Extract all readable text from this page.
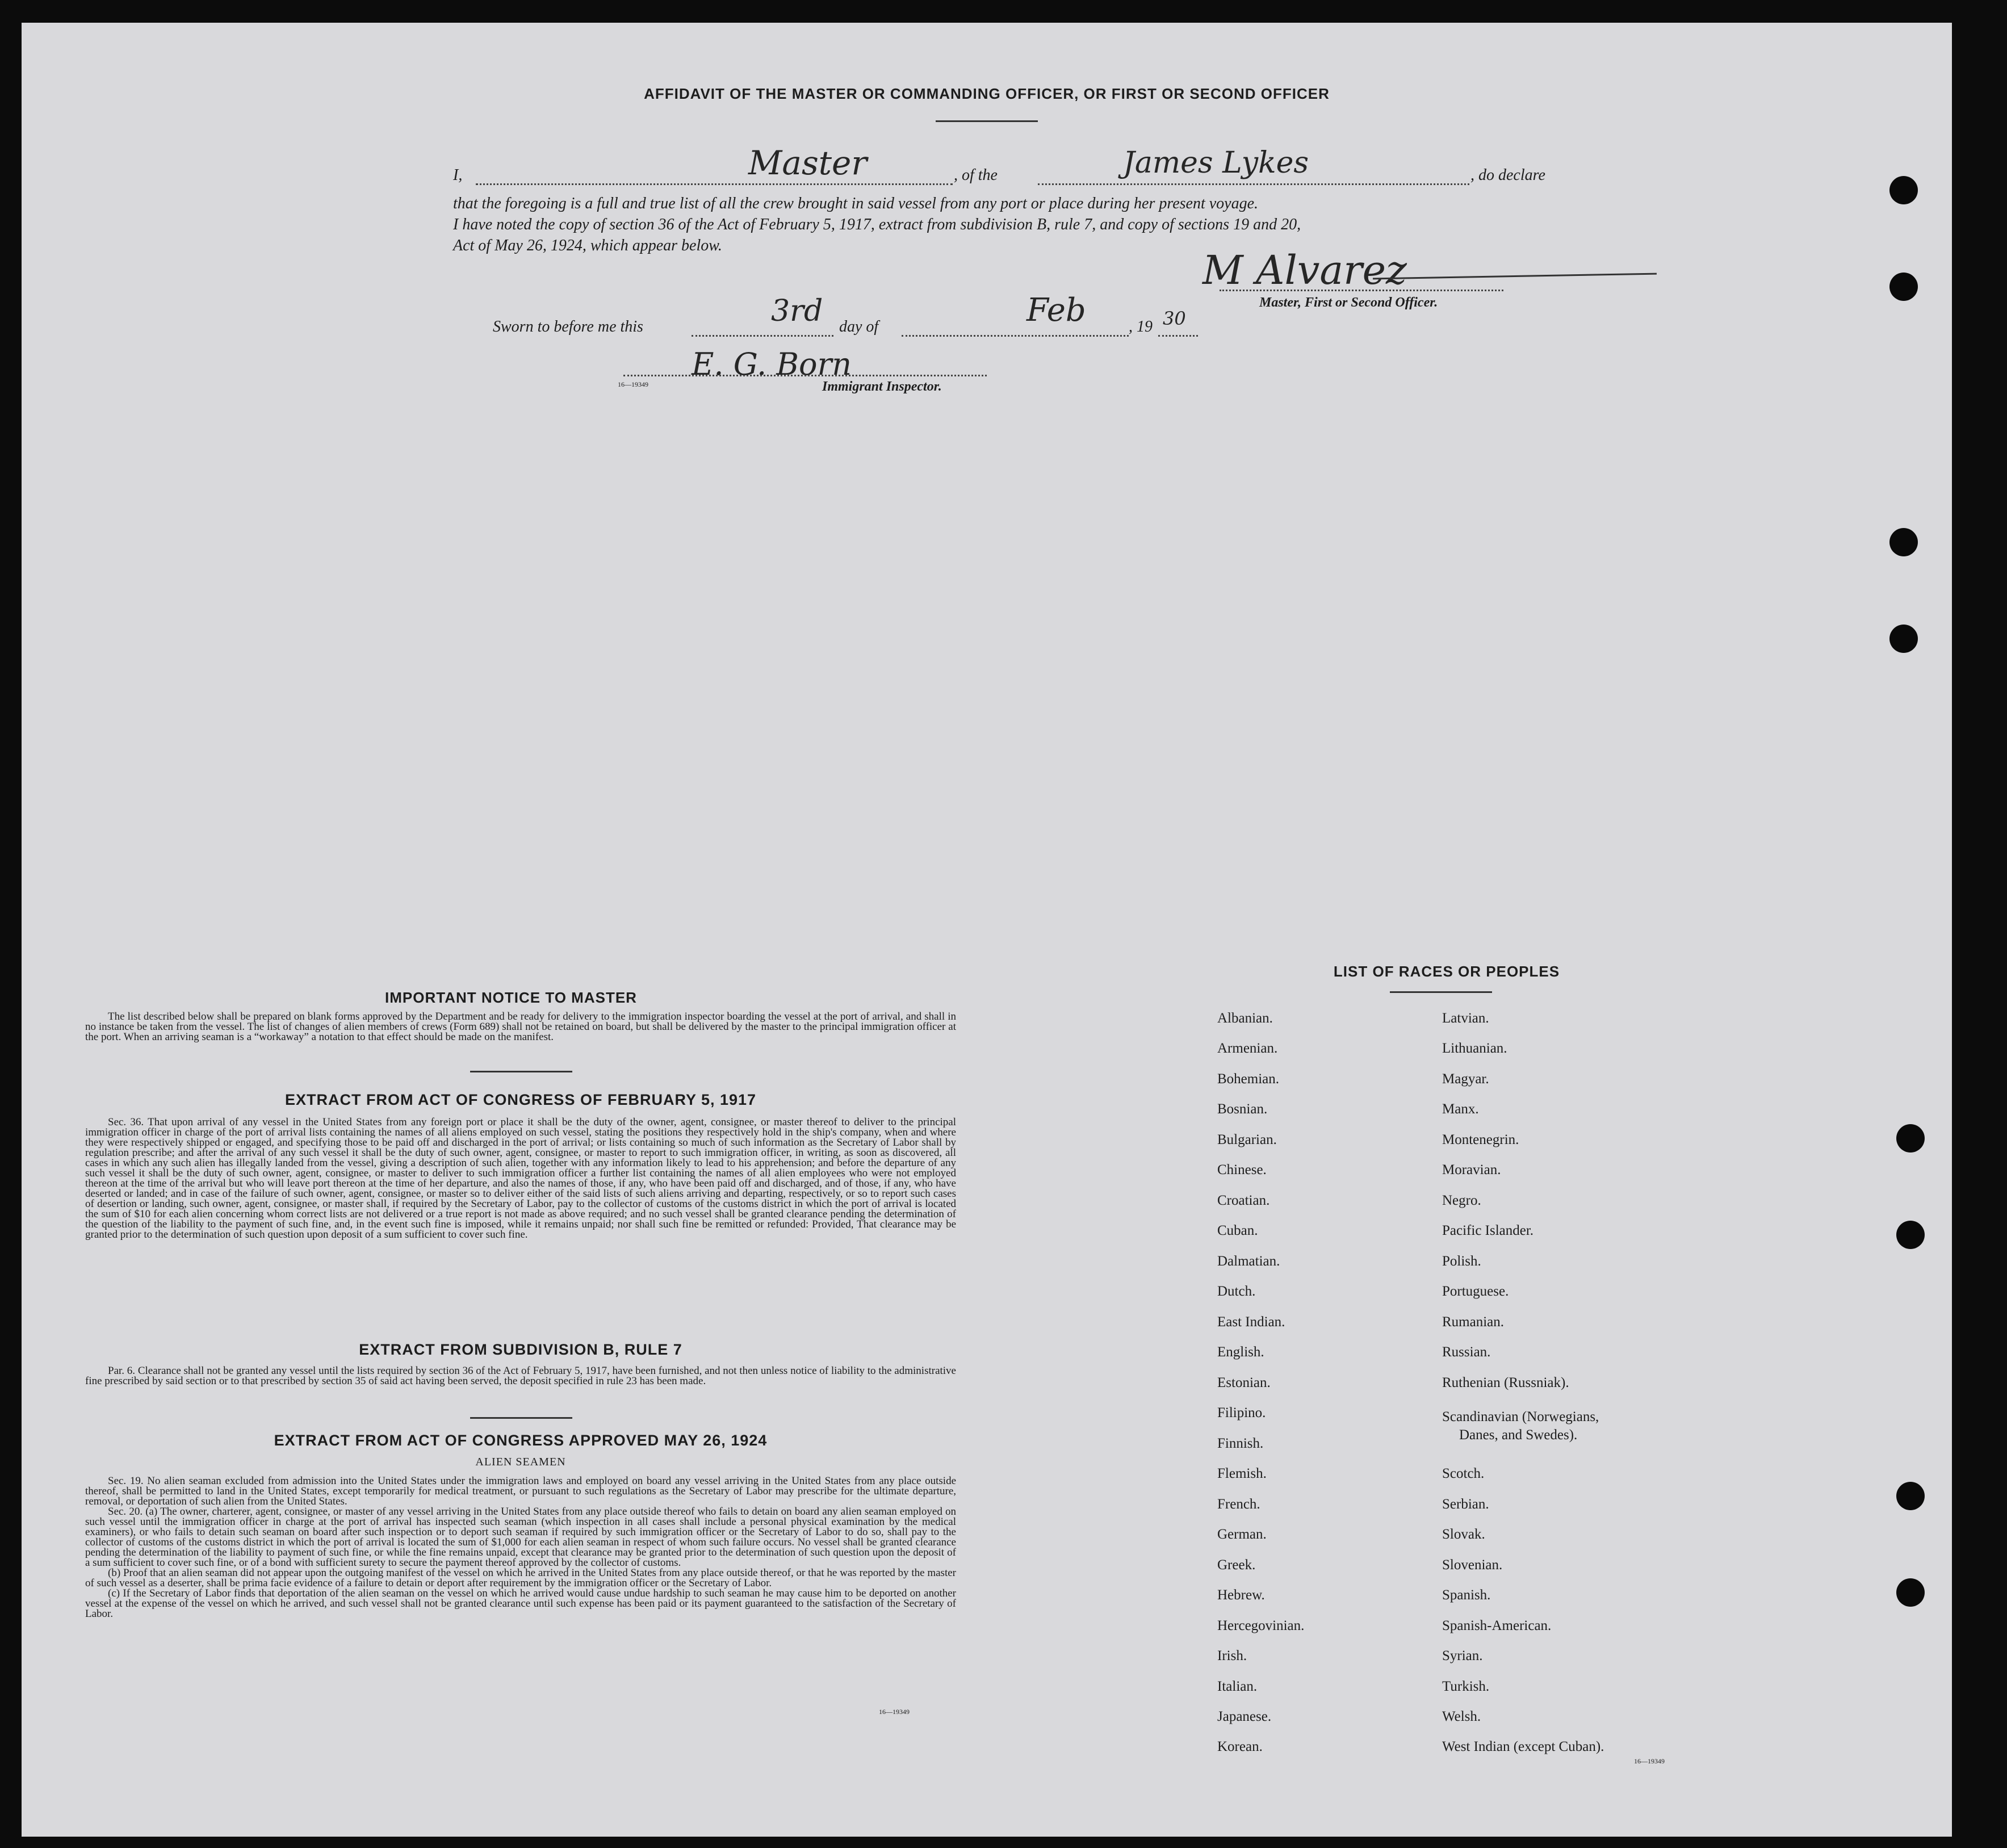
AFFIDAVIT OF THE MASTER OR COMMANDING OFFICER, OR FIRST OR SECOND OFFICER
I,	Master	, of the	James Lykes	, do declare
that the foregoing is a full and true list of all the crew brought in said vessel from any port or place during her present voyage.
I have noted the copy of section 36 of the Act of February 5, 1917, extract from subdivision B, rule 7, and copy of sections 19 and 20,
Act of May 26, 1924, which appear below.
M Alvarez
Master, First or Second Officer.
Sworn to before me this	3rd day of	Feb	, 19 30
E. G. Born
16—19349	Immigrant Inspector.
IMPORTANT NOTICE TO MASTER

The list described below shall be prepared on blank forms approved by the Department and be ready for delivery to the immigration inspector boarding the vessel at the port of arrival, and shall in no instance be taken from the vessel. The list of changes of alien members of crews (Form 689) shall not be retained on board, but shall be delivered by the master to the principal immigration officer at the port. When an arriving seaman is a “workaway” a notation to that effect should be made on the manifest.

EXTRACT FROM ACT OF CONGRESS OF FEBRUARY 5, 1917

Sec. 36. That upon arrival of any vessel in the United States from any foreign port or place it shall be the duty of the owner, agent, consignee, or master thereof to deliver to the principal immigration officer in charge of the port of arrival lists containing the names of all aliens employed on such vessel, stating the positions they respectively hold in the ship's company, when and where they were respectively shipped or engaged, and specifying those to be paid off and discharged in the port of arrival; or lists containing so much of such information as the Secretary of Labor shall by regulation prescribe; and after the arrival of any such vessel it shall be the duty of such owner, agent, consignee, or master to report to such immigration officer, in writing, as soon as discovered, all cases in which any such alien has illegally landed from the vessel, giving a description of such alien, together with any information likely to lead to his apprehension; and before the departure of any such vessel it shall be the duty of such owner, agent, consignee, or master to deliver to such immigration officer a further list containing the names of all alien employees who were not employed thereon at the time of the arrival but who will leave port thereon at the time of her departure, and also the names of those, if any, who have been paid off and discharged, and of those, if any, who have deserted or landed; and in case of the failure of such owner, agent, consignee, or master so to deliver either of the said lists of such aliens arriving and departing, respectively, or so to report such cases of desertion or landing, such owner, agent, consignee, or master shall, if required by the Secretary of Labor, pay to the collector of customs of the customs district in which the port of arrival is located the sum of $10 for each alien concerning whom correct lists are not delivered or a true report is not made as above required; and no such vessel shall be granted clearance pending the determination of the question of the liability to the payment of such fine, and, in the event such fine is imposed, while it remains unpaid; nor shall such fine be remitted or refunded: Provided, That clearance may be granted prior to the determination of such question upon deposit of a sum sufficient to cover such fine.

EXTRACT FROM SUBDIVISION B, RULE 7

Par. 6. Clearance shall not be granted any vessel until the lists required by section 36 of the Act of February 5, 1917, have been furnished, and not then unless notice of liability to the administrative fine prescribed by said section or to that prescribed by section 35 of said act having been served, the deposit specified in rule 23 has been made.

EXTRACT FROM ACT OF CONGRESS APPROVED MAY 26, 1924
ALIEN SEAMEN

Sec. 19. No alien seaman excluded from admission into the United States under the immigration laws and employed on board any vessel arriving in the United States from any place outside thereof, shall be permitted to land in the United States, except temporarily for medical treatment, or pursuant to such regulations as the Secretary of Labor may prescribe for the ultimate departure, removal, or deportation of such alien from the United States.

Sec. 20. (a) The owner, charterer, agent, consignee, or master of any vessel arriving in the United States from any place outside thereof who fails to detain on board any alien seaman employed on such vessel until the immigration officer in charge at the port of arrival has inspected such seaman (which inspection in all cases shall include a personal physical examination by the medical examiners), or who fails to detain such seaman on board after such inspection or to deport such seaman if required by such immigration officer or the Secretary of Labor to do so, shall pay to the collector of customs of the customs district in which the port of arrival is located the sum of $1,000 for each alien seaman in respect of whom such failure occurs. No vessel shall be granted clearance pending the determination of the liability to payment of such fine, or while the fine remains unpaid, except that clearance may be granted prior to the determination of such question upon the deposit of a sum sufficient to cover such fine, or of a bond with sufficient surety to secure the payment thereof approved by the collector of customs.

(b) Proof that an alien seaman did not appear upon the outgoing manifest of the vessel on which he arrived in the United States from any place outside thereof, or that he was reported by the master of such vessel as a deserter, shall be prima facie evidence of a failure to detain or deport after requirement by the immigration officer or the Secretary of Labor.

(c) If the Secretary of Labor finds that deportation of the alien seaman on the vessel on which he arrived would cause undue hardship to such seaman he may cause him to be deported on another vessel at the expense of the vessel on which he arrived, and such vessel shall not be granted clearance until such expense has been paid or its payment guaranteed to the satisfaction of the Secretary of Labor.

16—19349
LIST OF RACES OR PEOPLES
Albanian.
Armenian.
Bohemian.
Bosnian.
Bulgarian.
Chinese.
Croatian.
Cuban.
Dalmatian.
Dutch.
East Indian.
English.
Estonian.
Filipino.
Finnish.
Flemish.
French.
German.
Greek.
Hebrew.
Hercegovinian.
Irish.
Italian.
Japanese.
Korean.
Latvian.
Lithuanian.
Magyar.
Manx.
Montenegrin.
Moravian.
Negro.
Pacific Islander.
Polish.
Portuguese.
Rumanian.
Russian.
Ruthenian (Russniak).
Scandinavian (Norwegians,
Danes, and Swedes).
Scotch.
Serbian.
Slovak.
Slovenian.
Spanish.
Spanish-American.
Syrian.
Turkish.
Welsh.
West Indian (except Cuban).
16—19349
